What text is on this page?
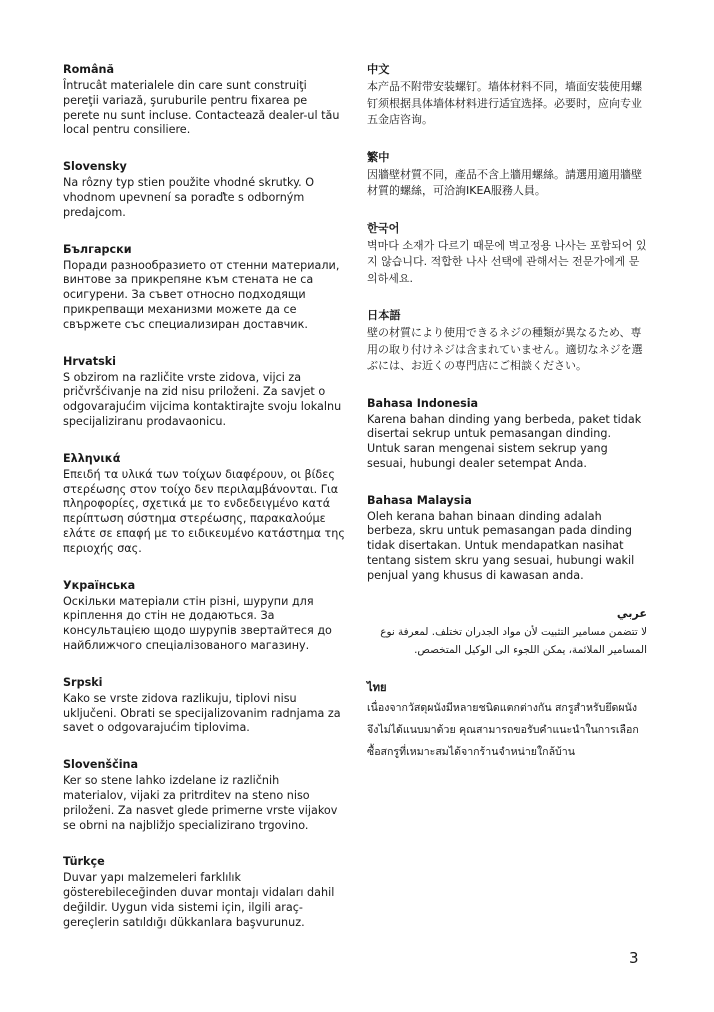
Română

Întrucât materialele din care sunt construiţi pereţii variază, şuruburile pentru fixarea pe perete nu sunt incluse. Contactează dealer-ul tău local pentru consiliere.

Slovensky

Na rôzny typ stien použite vhodné skrutky. O vhodnom upevnení sa poraďte s odborným predajcom.

Български

Поради разнообразието от стенни материали, винтове за прикрепяне към стената не са осигурени. За съвет относно подходящи прикрепващи механизми можете да се свържете със специализиран доставчик.

Hrvatski

S obzirom na različite vrste zidova, vijci za pričvršćivanje na zid nisu priloženi. Za savjet o odgovarajućim vijcima kontaktirajte svoju lokalnu specijaliziranu prodavaonicu.

Ελληνικά

Επειδή τα υλικά των τοίχων διαφέρουν, οι βίδες στερέωσης στον τοίχο δεν περιλαμβάνονται. Για πληροφορίες, σχετικά με το ενδεδειγμένο κατά περίπτωση σύστημα στερέωσης, παρακαλούμε ελάτε σε επαφή με το ειδικευμένο κατάστημα της περιοχής σας.

Українська

Оскільки матеріали стін різні, шурупи для кріплення до стін не додаються. За консультацією щодо шурупів звертайтеся до найближчого спеціалізованого магазину.

Srpski

Kako se vrste zidova razlikuju, tiplovi nisu uključeni. Obrati se specijalizovanim radnjama za savet o odgovarajućim tiplovima.

Slovenščina

Ker so stene lahko izdelane iz različnih materialov, vijaki za pritrditev na steno niso priloženi. Za nasvet glede primerne vrste vijakov se obrni na najbližjo specializirano trgovino.

Türkçe

Duvar yapı malzemeleri farklılık gösterebileceğinden duvar montajı vidaları dahil değildir. Uygun vida sistemi için, ilgili araç-gereçlerin satıldığı dükkanlara başvurunuz.

中文

本产品不附带安装螺钉。墙体材料不同，墙面安装使用螺钉须根据具体墙体材料进行适宜选择。必要时，应向专业五金店咨询。

繁中

因牆壁材質不同，產品不含上牆用螺絲。請選用適用牆壁材質的螺絲，可洽詢IKEA服務人員。

한국어

벽마다 소재가 다르기 때문에 벽고정용 나사는 포함되어 있지 않습니다. 적합한 나사 선택에 관해서는 전문가에게 문의하세요.

日本語

壁の材質により使用できるネジの種類が異なるため、専用の取り付けネジは含まれていません。適切なネジを選ぶには、お近くの専門店にご相談ください。

Bahasa Indonesia

Karena bahan dinding yang berbeda, paket tidak disertai sekrup untuk pemasangan dinding. Untuk saran mengenai sistem sekrup yang sesuai, hubungi dealer setempat Anda.

Bahasa Malaysia

Oleh kerana bahan binaan dinding adalah berbeza, skru untuk pemasangan pada dinding tidak disertakan. Untuk mendapatkan nasihat tentang sistem skru yang sesuai, hubungi wakil penjual yang khusus di kawasan anda.

عربي

لا تتضمن مسامير التثبيت لأن مواد الجدران تختلف. لمعرفة نوع المسامير الملائمة، يمكن اللجوء الى الوكيل المتخصص.

ไทย

เนื่องจากวัสดุผนังมีหลายชนิดแตกต่างกัน สกรูสำหรับยึดผนังจึงไม่ได้แนบมาด้วย คุณสามารถขอรับคำแนะนำในการเลือกซื้อสกรูที่เหมาะสมได้จากร้านจำหน่ายใกล้บ้าน

3
